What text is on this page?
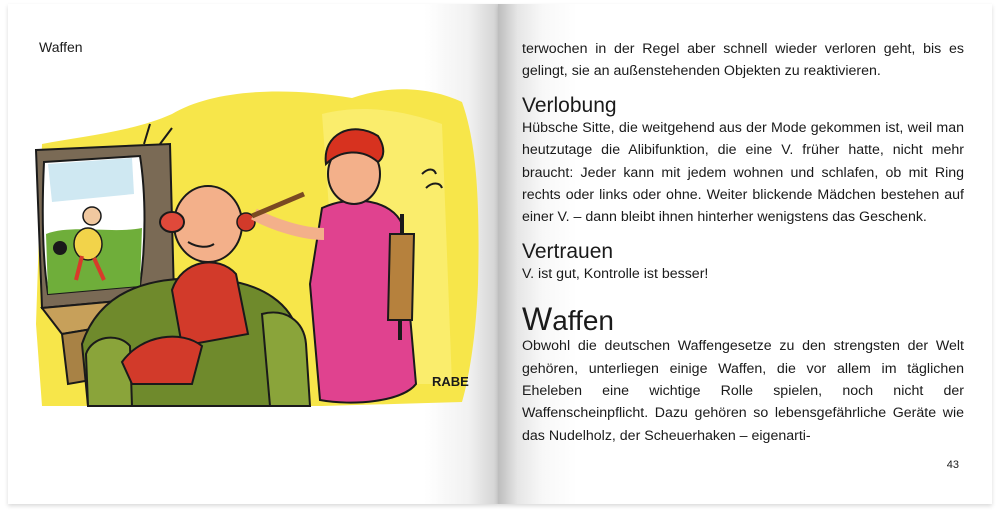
Waffen
RABE

terwochen in der Regel aber schnell wieder verloren geht, bis es gelingt, sie an außenstehenden Objekten zu reaktivieren.

Verlobung

Hübsche Sitte, die weitgehend aus der Mode gekommen ist, weil man heutzutage die Alibifunktion, die eine V. früher hatte, nicht mehr braucht: Jeder kann mit jedem wohnen und schlafen, ob mit Ring rechts oder links oder ohne. Weiter blickende Mädchen bestehen auf einer V. – dann bleibt ihnen hinterher wenigstens das Geschenk.

Vertrauen

V. ist gut, Kontrolle ist besser!

Waffen

Obwohl die deutschen Waffengesetze zu den strengsten der Welt gehören, unterliegen einige Waffen, die vor allem im täglichen Eheleben eine wichtige Rolle spielen, noch nicht der Waffenscheinpflicht. Dazu gehören so lebensgefährliche Geräte wie das Nudelholz, der Scheuerhaken – eigenarti-

43
